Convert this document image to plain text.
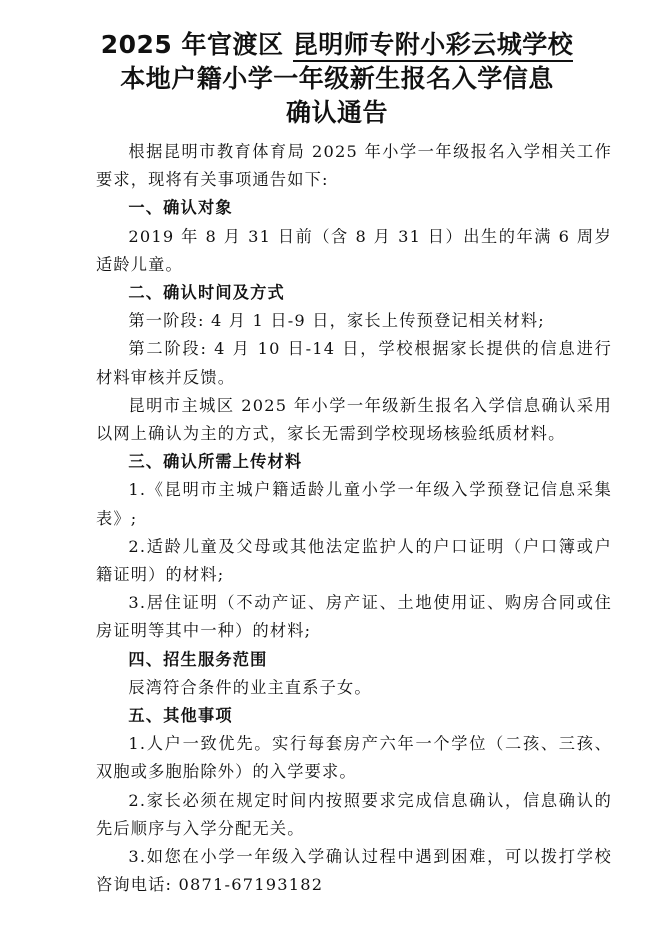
2025 年官渡区 昆明师专附小彩云城学校
本地户籍小学一年级新生报名入学信息
确认通告

根据昆明市教育体育局 2025 年小学一年级报名入学相关工作要求，现将有关事项通告如下:

一、确认对象

2019 年 8 月 31 日前（含 8 月 31 日）出生的年满 6 周岁适龄儿童。

二、确认时间及方式

第一阶段: 4 月 1 日-9 日，家长上传预登记相关材料;

第二阶段: 4 月 10 日-14 日，学校根据家长提供的信息进行材料审核并反馈。

昆明市主城区 2025 年小学一年级新生报名入学信息确认采用以网上确认为主的方式，家长无需到学校现场核验纸质材料。

三、确认所需上传材料

1.《昆明市主城户籍适龄儿童小学一年级入学预登记信息采集表》;

2.适龄儿童及父母或其他法定监护人的户口证明（户口簿或户籍证明）的材料;

3.居住证明（不动产证、房产证、土地使用证、购房合同或住房证明等其中一种）的材料;

四、招生服务范围

辰湾符合条件的业主直系子女。

五、其他事项

1.人户一致优先。实行每套房产六年一个学位（二孩、三孩、双胞或多胞胎除外）的入学要求。

2.家长必须在规定时间内按照要求完成信息确认，信息确认的先后顺序与入学分配无关。

3.如您在小学一年级入学确认过程中遇到困难，可以拨打学校咨询电话: 0871-67193182
